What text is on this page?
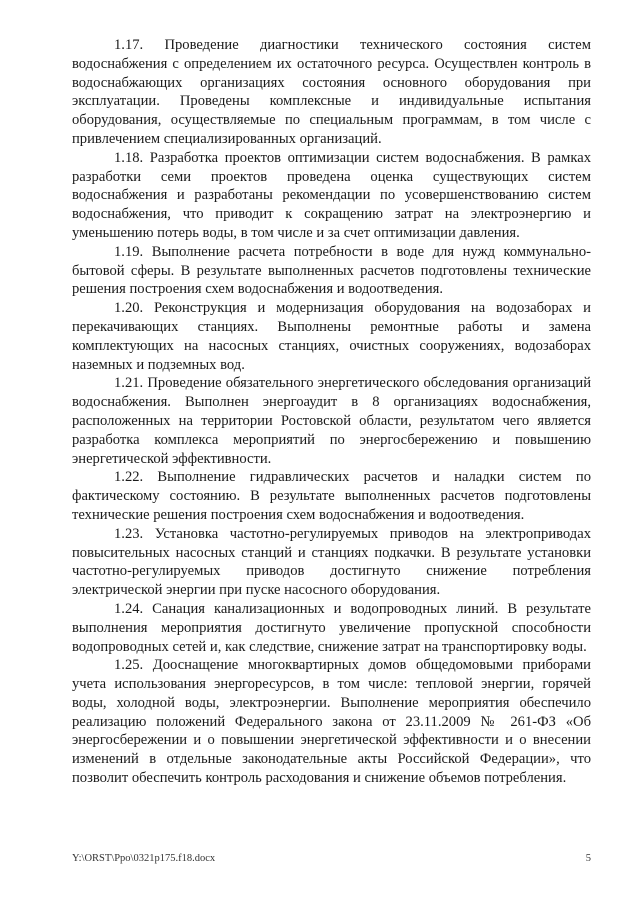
1.17. Проведение диагностики технического состояния систем водоснабжения с определением их остаточного ресурса. Осуществлен контроль в водоснабжающих организациях состояния основного оборудования при эксплуатации. Проведены комплексные и индивидуальные испытания оборудования, осуществляемые по специальным программам, в том числе с привлечением специализированных организаций.

1.18. Разработка проектов оптимизации систем водоснабжения. В рамках разработки семи проектов проведена оценка существующих систем водоснабжения и разработаны рекомендации по усовершенствованию систем водоснабжения, что приводит к сокращению затрат на электроэнергию и уменьшению потерь воды, в том числе и за счет оптимизации давления.

1.19. Выполнение расчета потребности в воде для нужд коммунально-бытовой сферы. В результате выполненных расчетов подготовлены технические решения построения схем водоснабжения и водоотведения.

1.20. Реконструкция и модернизация оборудования на водозаборах и перекачивающих станциях. Выполнены ремонтные работы и замена комплектующих на насосных станциях, очистных сооружениях, водозаборах наземных и подземных вод.

1.21. Проведение обязательного энергетического обследования организаций водоснабжения. Выполнен энергоаудит в 8 организациях водоснабжения, расположенных на территории Ростовской области, результатом чего является разработка комплекса мероприятий по энергосбережению и повышению энергетической эффективности.

1.22. Выполнение гидравлических расчетов и наладки систем по фактическому состоянию. В результате выполненных расчетов подготовлены технические решения построения схем водоснабжения и водоотведения.

1.23. Установка частотно-регулируемых приводов на электроприводах повысительных насосных станций и станциях подкачки. В результате установки частотно-регулируемых приводов достигнуто снижение потребления электрической энергии при пуске насосного оборудования.

1.24. Санация канализационных и водопроводных линий. В результате выполнения мероприятия достигнуто увеличение пропускной способности водопроводных сетей и, как следствие, снижение затрат на транспортировку воды.

1.25. Дооснащение многоквартирных домов общедомовыми приборами учета использования энергоресурсов, в том числе: тепловой энергии, горячей воды, холодной воды, электроэнергии. Выполнение мероприятия обеспечило реализацию положений Федерального закона от 23.11.2009 № 261-ФЗ «Об энергосбережении и о повышении энергетической эффективности и о внесении изменений в отдельные законодательные акты Российской Федерации», что позволит обеспечить контроль расходования и снижение объемов потребления.

Y:\ORST\Ppo\0321p175.f18.docx	5
